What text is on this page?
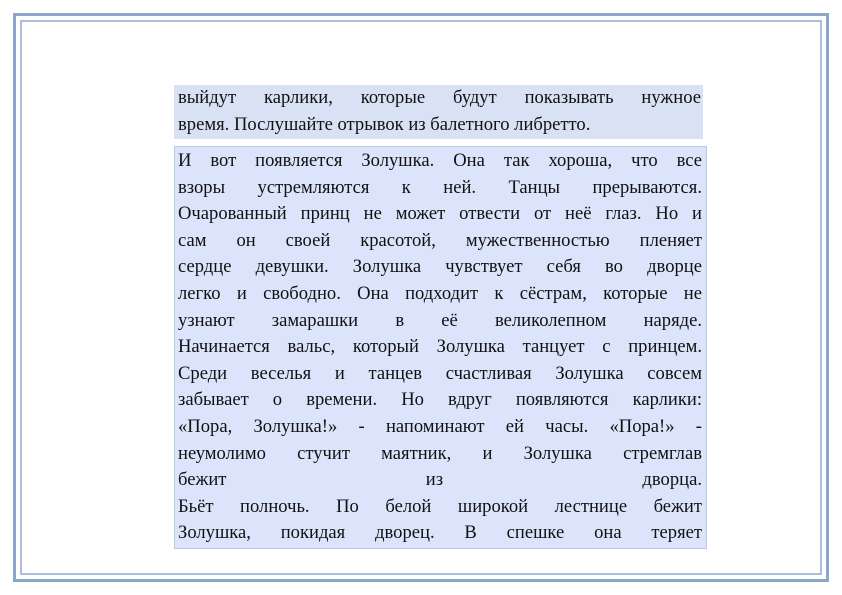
выйдут карлики, которые будут показывать нужное
время. Послушайте отрывок из балетного либретто.
И вот появляется Золушка. Она так хороша, что все
взоры устремляются к ней. Танцы прерываются.
Очарованный принц не может отвести от неё глаз. Но и
сам он своей красотой, мужественностью пленяет
сердце девушки. Золушка чувствует себя во дворце
легко и свободно. Она подходит к сёстрам, которые не
узнают замарашки в её великолепном наряде.
Начинается вальс, который Золушка танцует с принцем.
Среди веселья и танцев счастливая Золушка совсем
забывает о времени. Но вдруг появляются карлики:
«Пора, Золушка!» - напоминают ей часы. «Пора!» -
неумолимо стучит маятник, и Золушка стремглав
бежит из дворца.
Бьёт полночь. По белой широкой лестнице бежит
Золушка, покидая дворец. В спешке она теряет
